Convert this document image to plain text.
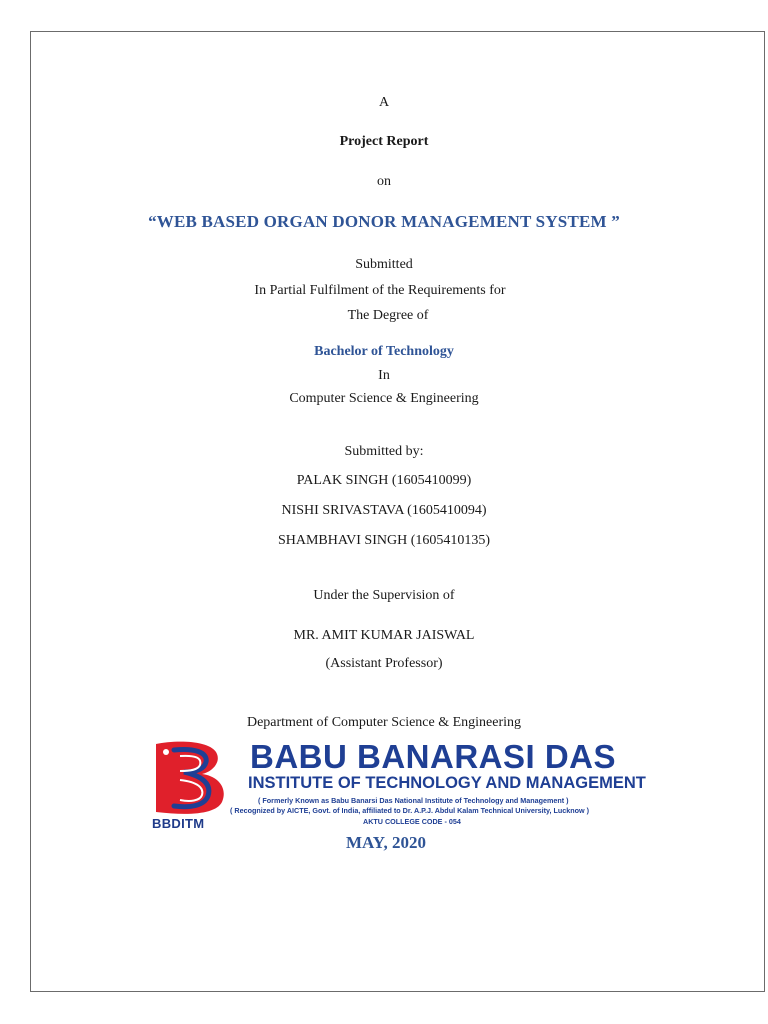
A
Project Report
on
“WEB BASED ORGAN DONOR MANAGEMENT SYSTEM ”
Submitted
In Partial Fulfilment of the Requirements for
The Degree of
Bachelor of Technology
In
Computer Science & Engineering
Submitted by:
PALAK SINGH (1605410099)
NISHI SRIVASTAVA (1605410094)
SHAMBHAVI SINGH (1605410135)
Under the Supervision of
MR. AMIT KUMAR JAISWAL
(Assistant Professor)
Department of Computer Science & Engineering
BBDITM
BABU BANARASI DAS
INSTITUTE OF TECHNOLOGY AND MANAGEMENT
( Formerly Known as Babu Banarsi Das National Institute of Technology and Management )
( Recognized by AICTE, Govt. of India, affiliated to Dr. A.P.J. Abdul Kalam Technical University, Lucknow )
AKTU COLLEGE CODE - 054
MAY, 2020
